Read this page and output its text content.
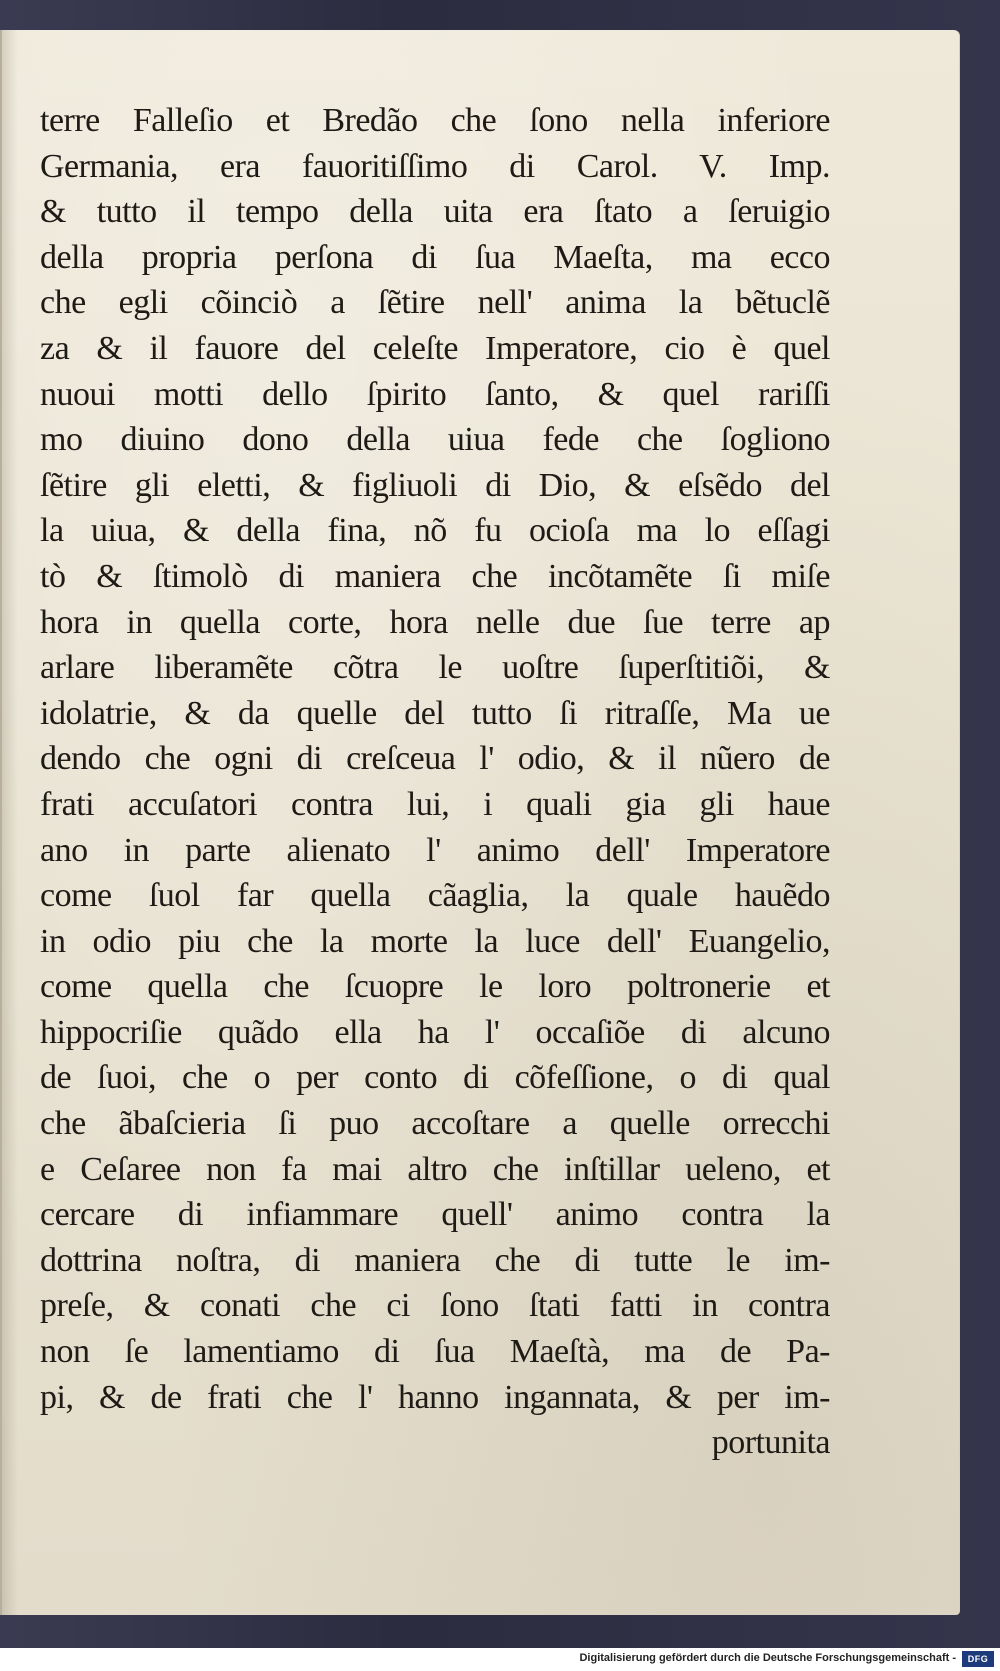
terre Falleſio et Bredão che ſono nella inferiore
Germania, era fauoritiſſimo di Carol. V. Imp.
& tutto il tempo della uita era ſtato a ſeruigio
della propria perſona di ſua Maeſta, ma ecco
che egli cõinciò a ſẽtire nell' anima la bẽtuclẽ
za & il fauore del celeſte Imperatore, cio è quel
nuoui motti dello ſpirito ſanto, & quel rariſſi
mo diuino dono della uiua fede che ſogliono
ſẽtire gli eletti, & figliuoli di Dio, & eſsẽdo del
la uiua, & della fina, nõ fu ocioſa ma lo eſſagi
tò & ſtimolò di maniera che incõtamẽte ſi miſe
hora in quella corte, hora nelle due ſue terre ap
arlare liberamẽte cõtra le uoſtre ſuperſtitiõi, &
idolatrie, & da quelle del tutto ſi ritraſſe, Ma ue
dendo che ogni di creſceua l' odio, & il nũero de
frati accuſatori contra lui, i quali gia gli haue
ano in parte alienato l' animo dell' Imperatore
come ſuol far quella cãaglia, la quale hauẽdo
in odio piu che la morte la luce dell' Euangelio,
come quella che ſcuopre le loro poltronerie et
hippocriſie quãdo ella ha l' occaſiõe di alcuno
de ſuoi, che o per conto di cõfeſſione, o di qual
che ãbaſcieria ſi puo accoſtare a quelle orrecchi
e Ceſaree non fa mai altro che inſtillar ueleno, et
cercare di infiammare quell' animo contra la
dottrina noſtra, di maniera che di tutte le im-
preſe, & conati che ci ſono ſtati fatti in contra
non ſe lamentiamo di ſua Maeſtà, ma de Pa-
pi, & de frati che l' hanno ingannata, & per im-
portunita
Digitalisierung gefördert durch die Deutsche Forschungsgemeinschaft -	DFG
